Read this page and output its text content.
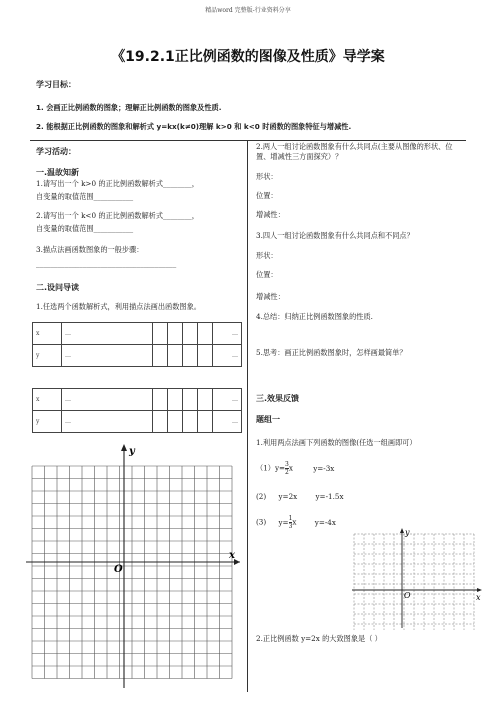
精品word 完整版-行业资料分享
《19.2.1正比例函数的图像及性质》导学案
学习目标：
1. 会画正比例函数的图象；理解正比例函数的图象及性质.
2. 能根据正比例函数的图象和解析式 y=kx(k≠0)理解 k>0 和 k<0 时函数的图象特征与增减性.
学习活动：
一.温故知新
1.请写出一个 k>0 的正比例函数解析式________，
自变量的取值范围___________
2.请写出一个 k<0 的正比例函数解析式________，
自变量的取值范围___________
3.描点法画函数图象的一般步骤：
_______________________________________
二.设问导读
1.任选两个函数解析式，利用描点法画出函数图象。
x	…					…
y	…					…
x	…					…
y	…					…
y
x
O
2.两人一组讨论函数图象有什么共同点(主要从图像的形状、位置、增减性三方面探究）？
形状：
位置：
增减性：
3.四人一组讨论函数图象有什么共同点和不同点？
形状：
位置：
增减性：
4.总结：归纳正比例函数图象的性质.
5.思考：画正比例函数图象时，怎样画最简单？
三.效果反馈
题组一
1.利用两点法画下列函数的图像(任选一组画即可）
$(1)y= \frac{3}{2}$ x	y=-3x
(2) y=2x	y=-1.5x
(3) $y= \frac{1}{3}$ x	y=-4x
y
x
O
2.正比例函数 y=2x 的大致图象是（ ）
